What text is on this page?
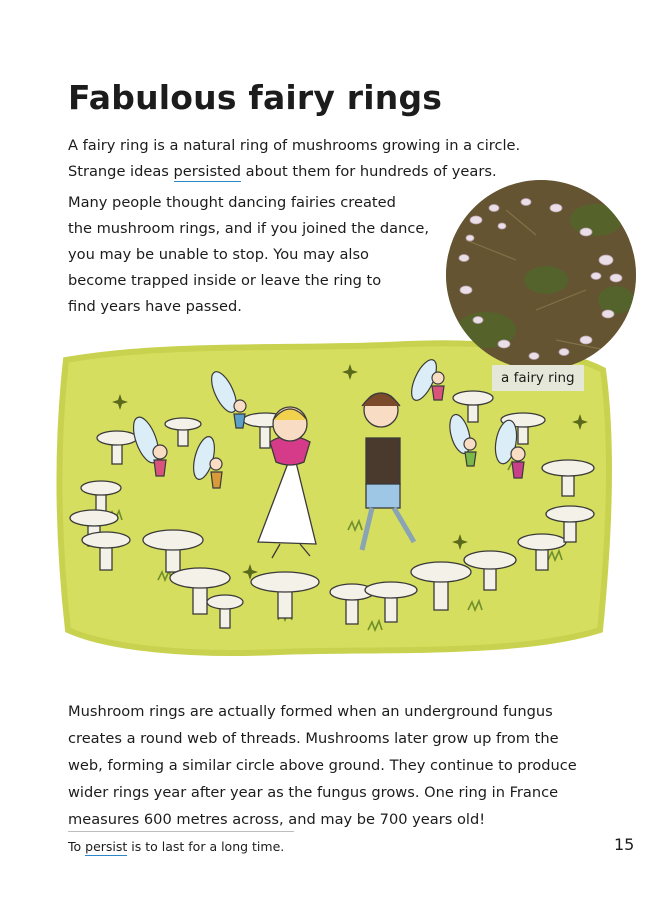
Fabulous fairy rings

A fairy ring is a natural ring of mushrooms growing in a circle.
Strange ideas persisted about them for hundreds of years.

Many people thought dancing fairies created
the mushroom rings, and if you joined the dance,
you may be unable to stop. You may also
become trapped inside or leave the ring to
find years have passed.

a fairy ring

Mushroom rings are actually formed when an underground fungus
creates a round web of threads. Mushrooms later grow up from the
web, forming a similar circle above ground. They continue to produce
wider rings year after year as the fungus grows. One ring in France
measures 600 metres across, and may be 700 years old!

To persist is to last for a long time.	15
